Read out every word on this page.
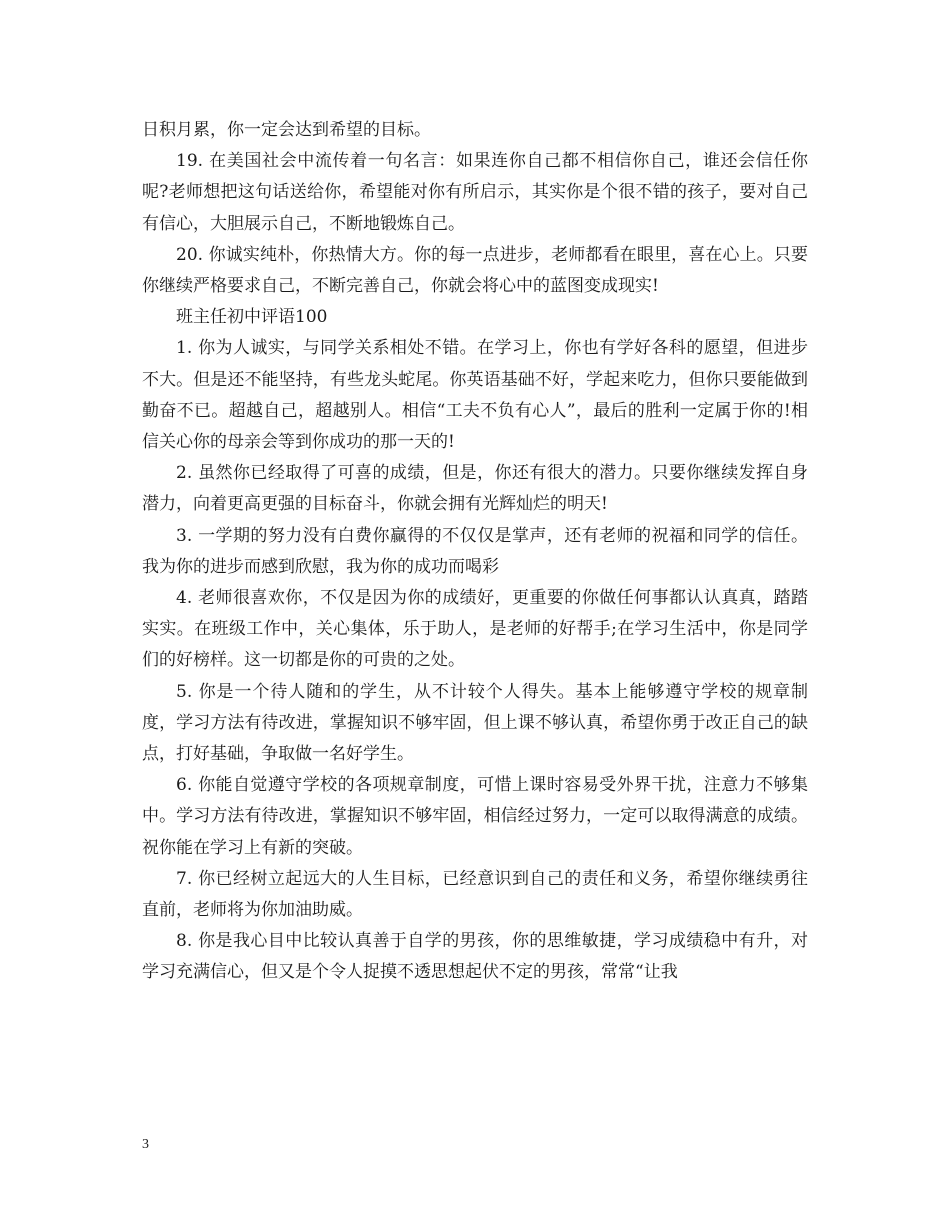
日积月累，你一定会达到希望的目标。

19. 在美国社会中流传着一句名言：如果连你自己都不相信你自己，谁还会信任你呢?老师想把这句话送给你，希望能对你有所启示，其实你是个很不错的孩子，要对自己有信心，大胆展示自己，不断地锻炼自己。

20. 你诚实纯朴，你热情大方。你的每一点进步，老师都看在眼里，喜在心上。只要你继续严格要求自己，不断完善自己，你就会将心中的蓝图变成现实!

班主任初中评语100

1. 你为人诚实，与同学关系相处不错。在学习上，你也有学好各科的愿望，但进步不大。但是还不能坚持，有些龙头蛇尾。你英语基础不好，学起来吃力，但你只要能做到勤奋不已。超越自己，超越别人。相信“工夫不负有心人”，最后的胜利一定属于你的!相信关心你的母亲会等到你成功的那一天的!

2. 虽然你已经取得了可喜的成绩，但是，你还有很大的潜力。只要你继续发挥自身潜力，向着更高更强的目标奋斗，你就会拥有光辉灿烂的明天!

3. 一学期的努力没有白费你赢得的不仅仅是掌声，还有老师的祝福和同学的信任。我为你的进步而感到欣慰，我为你的成功而喝彩

4. 老师很喜欢你，不仅是因为你的成绩好，更重要的你做任何事都认认真真，踏踏实实。在班级工作中，关心集体，乐于助人，是老师的好帮手;在学习生活中，你是同学们的好榜样。这一切都是你的可贵的之处。

5. 你是一个待人随和的学生，从不计较个人得失。基本上能够遵守学校的规章制度，学习方法有待改进，掌握知识不够牢固，但上课不够认真，希望你勇于改正自己的缺点，打好基础，争取做一名好学生。

6. 你能自觉遵守学校的各项规章制度，可惜上课时容易受外界干扰，注意力不够集中。学习方法有待改进，掌握知识不够牢固，相信经过努力，一定可以取得满意的成绩。祝你能在学习上有新的突破。

7. 你已经树立起远大的人生目标，已经意识到自己的责任和义务，希望你继续勇往直前，老师将为你加油助威。

8. 你是我心目中比较认真善于自学的男孩，你的思维敏捷，学习成绩稳中有升，对学习充满信心，但又是个令人捉摸不透思想起伏不定的男孩，常常“让我

3
